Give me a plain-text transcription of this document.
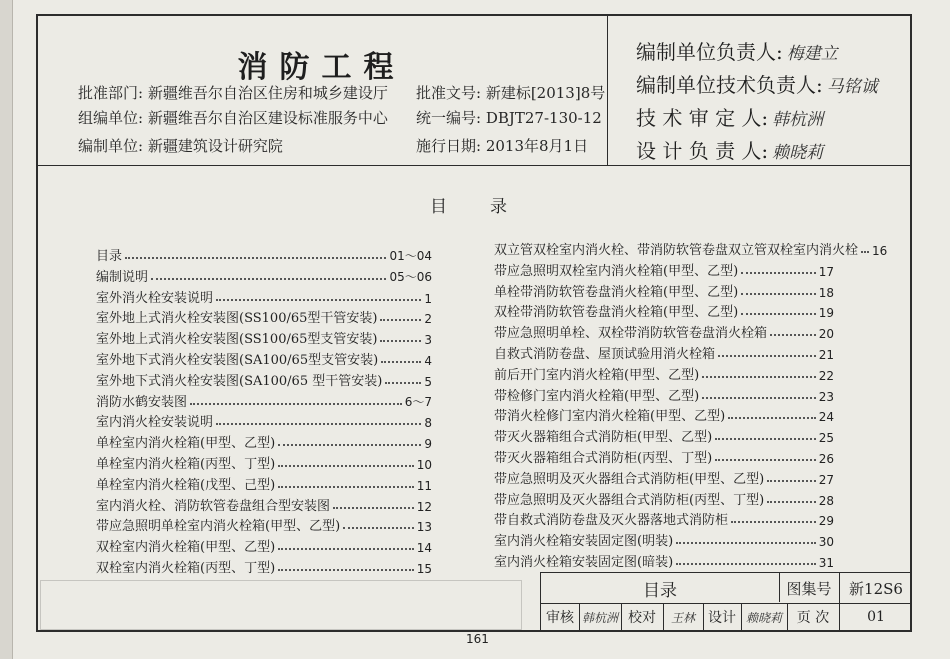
消防工程
批准部门: 新疆维吾尔自治区住房和城乡建设厅
组编单位: 新疆维吾尔自治区建设标准服务中心
编制单位: 新疆建筑设计研究院
批准文号: 新建标[2013]8号
统一编号: DBJT27-130-12
施行日期: 2013年8月1日
编制单位负责人: 梅建立
编制单位技术负责人: 马铭诚
技 术 审 定 人: 韩杭洲
设 计 负 责 人: 赖晓莉
目	录
目录	01～04
编制说明	05～06
室外消火栓安装说明	1
室外地上式消火栓安装图(SS100/65型干管安装)	2
室外地上式消火栓安装图(SS100/65型支管安装)	3
室外地下式消火栓安装图(SA100/65型支管安装)	4
室外地下式消火栓安装图(SA100/65 型干管安装)	5
消防水鹤安装图	6～7
室内消火栓安装说明	8
单栓室内消火栓箱(甲型、乙型)	9
单栓室内消火栓箱(丙型、丁型)	10
单栓室内消火栓箱(戊型、己型)	11
室内消火栓、消防软管卷盘组合型安装图	12
带应急照明单栓室内消火栓箱(甲型、乙型)	13
双栓室内消火栓箱(甲型、乙型)	14
双栓室内消火栓箱(丙型、丁型)	15
双立管双栓室内消火栓、带消防软管卷盘双立管双栓室内消火栓 16
带应急照明双栓室内消火栓箱(甲型、乙型)	17
单栓带消防软管卷盘消火栓箱(甲型、乙型)	18
双栓带消防软管卷盘消火栓箱(甲型、乙型)	19
带应急照明单栓、双栓带消防软管卷盘消火栓箱	20
自救式消防卷盘、屋顶试验用消火栓箱	21
前后开门室内消火栓箱(甲型、乙型)	22
带检修门室内消火栓箱(甲型、乙型)	23
带消火栓修门室内消火栓箱(甲型、乙型)	24
带灭火器箱组合式消防柜(甲型、乙型)	25
带灭火器箱组合式消防柜(丙型、丁型)	26
带应急照明及灭火器组合式消防柜(甲型、乙型)	27
带应急照明及灭火器组合式消防柜(丙型、丁型)	28
带自救式消防卷盘及灭火器落地式消防柜	29
室内消火栓箱安装固定图(明装)	30
室内消火栓箱安装固定图(暗装)	31
目录	图集号	新12S6
审核 韩杭洲 校对	王林 设计 赖晓莉	页 次	01
161
